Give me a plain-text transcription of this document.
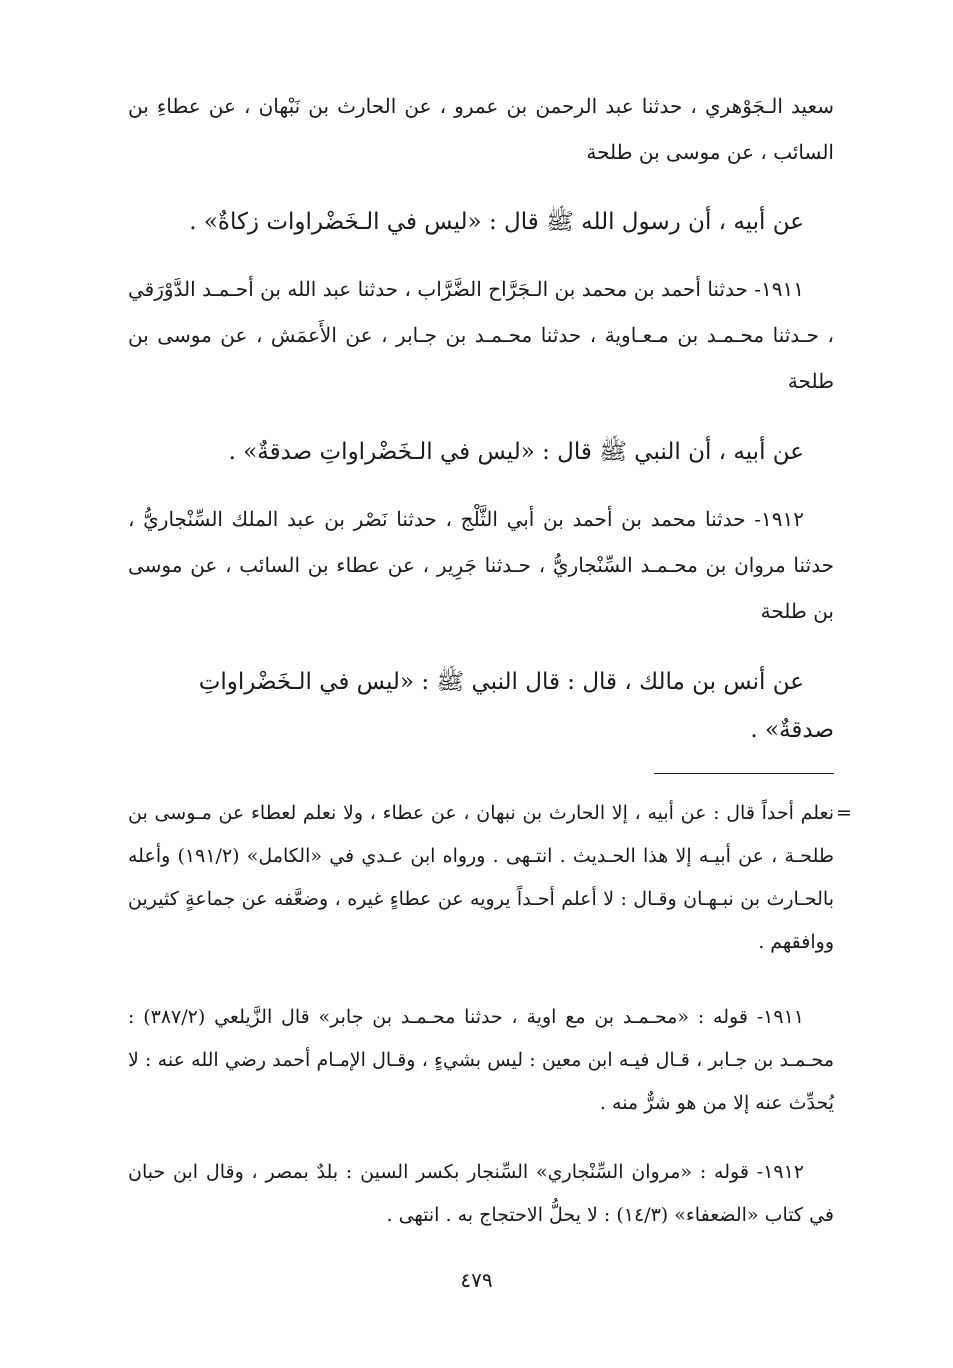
سعيد الـجَوْهري ، حدثنا عبد الرحمن بن عمرو ، عن الحارث بن نَبْهان ، عن عطاءِ بن السائب ، عن موسى بن طلحة

عن أبيه ، أن رسول الله ﷺ قال : «ليس في الـخَضْراوات زكاةٌ» .

١٩١١- حدثنا أحمد بن محمد بن الـجَرَّاح الضَّرَّاب ، حدثنا عبد الله بن أحـمـد الدَّوْرَقي ، حـدثنا محـمـد بن مـعـاوية ، حدثنا محـمـد بن جـابر ، عن الأَعمَش ، عن موسى بن طلحة

عن أبيه ، أن النبي ﷺ قال : «ليس في الـخَضْراواتِ صدقةٌ» .

١٩١٢- حدثنا محمد بن أحمد بن أبي الثَّلْج ، حدثنا نَصْر بن عبد الملك السِّنْجاريُّ ، حدثنا مروان بن محـمـد السِّنْجاريُّ ، حـدثنا جَرِير ، عن عطاء بن السائب ، عن موسى بن طلحة

عن أنس بن مالك ، قال : قال النبي ﷺ : «ليس في الـخَضْراواتِ صدقةٌ» .

=

نعلم أحداً قال : عن أبيه ، إلا الحارث بن نبهان ، عن عطاء ، ولا نعلم لعطاء عن مـوسى بن طلحـة ، عن أبيـه إلا هذا الحـديث . انتـهى . ورواه ابن عـدي في «الكامل» (١٩١/٢) وأعله بالحـارث بن نبـهـان وقـال : لا أعلم أحـداً يرويه عن عطاءٍ غيره ، وضعَّفه عن جماعةٍ كثيرين ووافقهم .

١٩١١- قوله : «محـمـد بن مع اوية ، حدثنا محـمـد بن جابر» قال الزَّيلعي (٣٨٧/٢) : محـمـد بن جـابر ، قـال فيـه ابن معين : ليس بشيءٍ ، وقـال الإمـام أحمد رضي الله عنه : لا يُحدِّث عنه إلا من هو شرٌّ منه .

١٩١٢- قوله : «مروان السِّنْجاري» السِّنجار بكسر السين : بلدٌ بمصر ، وقال ابن حبان في كتاب «الضعفاء» (١٤/٣) : لا يحلُّ الاحتجاج به . انتهى .

٤٧٩
